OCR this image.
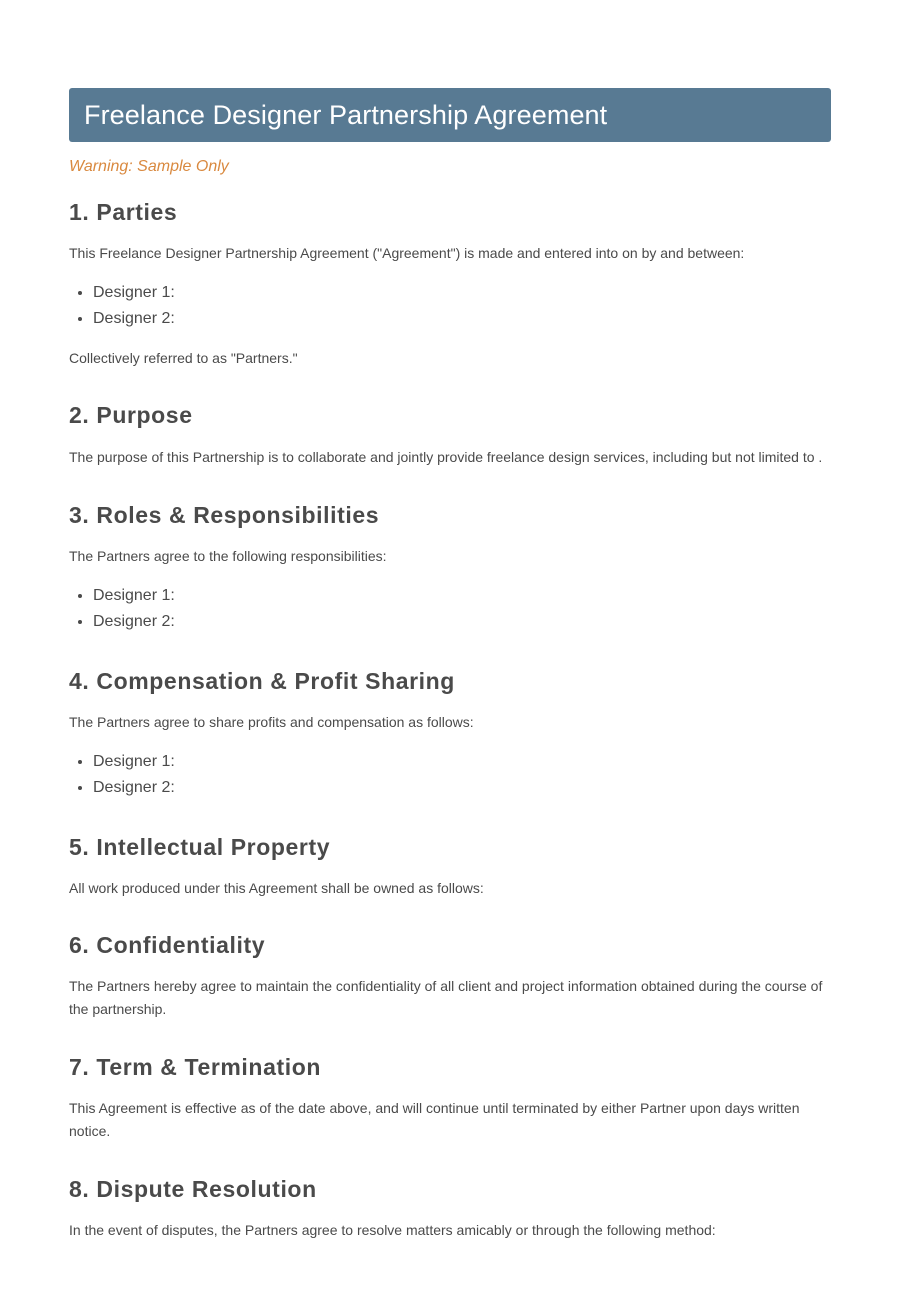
Freelance Designer Partnership Agreement

Warning: Sample Only

1. Parties

This Freelance Designer Partnership Agreement ("Agreement") is made and entered into on by and between:

• Designer 1:
• Designer 2:

Collectively referred to as "Partners."

2. Purpose

The purpose of this Partnership is to collaborate and jointly provide freelance design services, including but not limited to .

3. Roles & Responsibilities

The Partners agree to the following responsibilities:

• Designer 1:
• Designer 2:
4. Compensation & Profit Sharing

The Partners agree to share profits and compensation as follows:

• Designer 1:
• Designer 2:
5. Intellectual Property

All work produced under this Agreement shall be owned as follows:

6. Confidentiality

The Partners hereby agree to maintain the confidentiality of all client and project information obtained during the course of the partnership.

7. Term & Termination

This Agreement is effective as of the date above, and will continue until terminated by either Partner upon days written notice.

8. Dispute Resolution

In the event of disputes, the Partners agree to resolve matters amicably or through the following method:
